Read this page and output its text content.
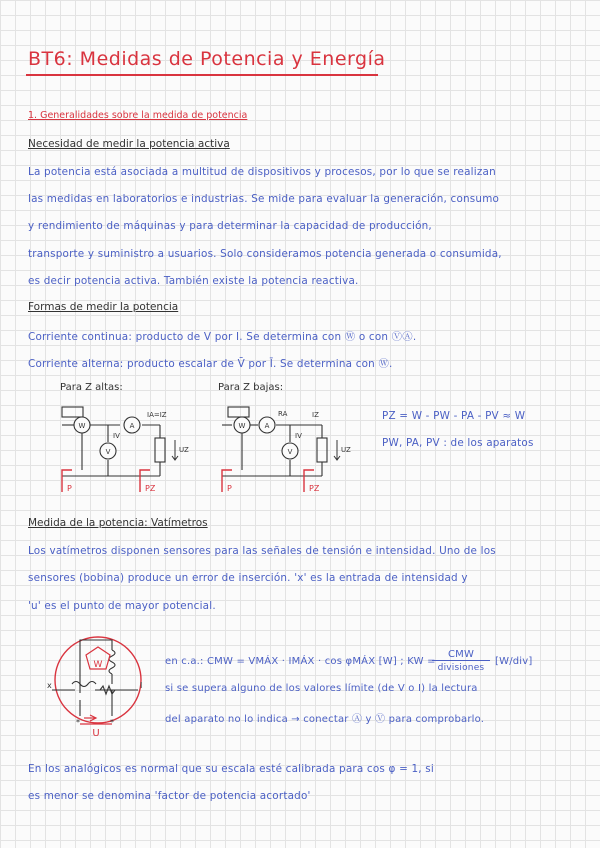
BT6: Medidas de Potencia y Energía
1. Generalidades sobre la medida de potencia
Necesidad de medir la potencia activa
La potencia está asociada a multitud de dispositivos y procesos, por lo que se realizan
las medidas en laboratorios e industrias. Se mide para evaluar la generación, consumo
y rendimiento de máquinas y para determinar la capacidad de producción,
transporte y suministro a usuarios. Solo consideramos potencia generada o consumida,
es decir potencia activa. También existe la potencia reactiva.
Formas de medir la potencia
Corriente continua: producto de V por I. Se determina con Ⓦ o con ⓋⒶ.
Corriente alterna: producto escalar de V̄ por Ī. Se determina con Ⓦ.
Para Z altas:	Para Z bajas:
W	A
V
W	A
V
IA=IZ
IV
UZ
RA	IZ
IV
UZ
P	PZ	P	PZ
PZ = W - PW - PA - PV ≈ W
PW, PA, PV : de los aparatos
Medida de la potencia: Vatímetros
Los vatímetros disponen sensores para las señales de tensión e intensidad. Uno de los
sensores (bobina) produce un error de inserción. 'x' es la entrada de intensidad y
'u' es el punto de mayor potencial.
W
U
x	I
*	*
en c.a.: CMW = VMÁX · IMÁX · cos φMÁX [W] ; KW =
CMW
divisiones
[W/div]
si se supera alguno de los valores límite (de V o I) la lectura
del aparato no lo indica → conectar Ⓐ y Ⓥ para comprobarlo.
En los analógicos es normal que su escala esté calibrada para cos φ = 1, si
es menor se denomina 'factor de potencia acortado'
